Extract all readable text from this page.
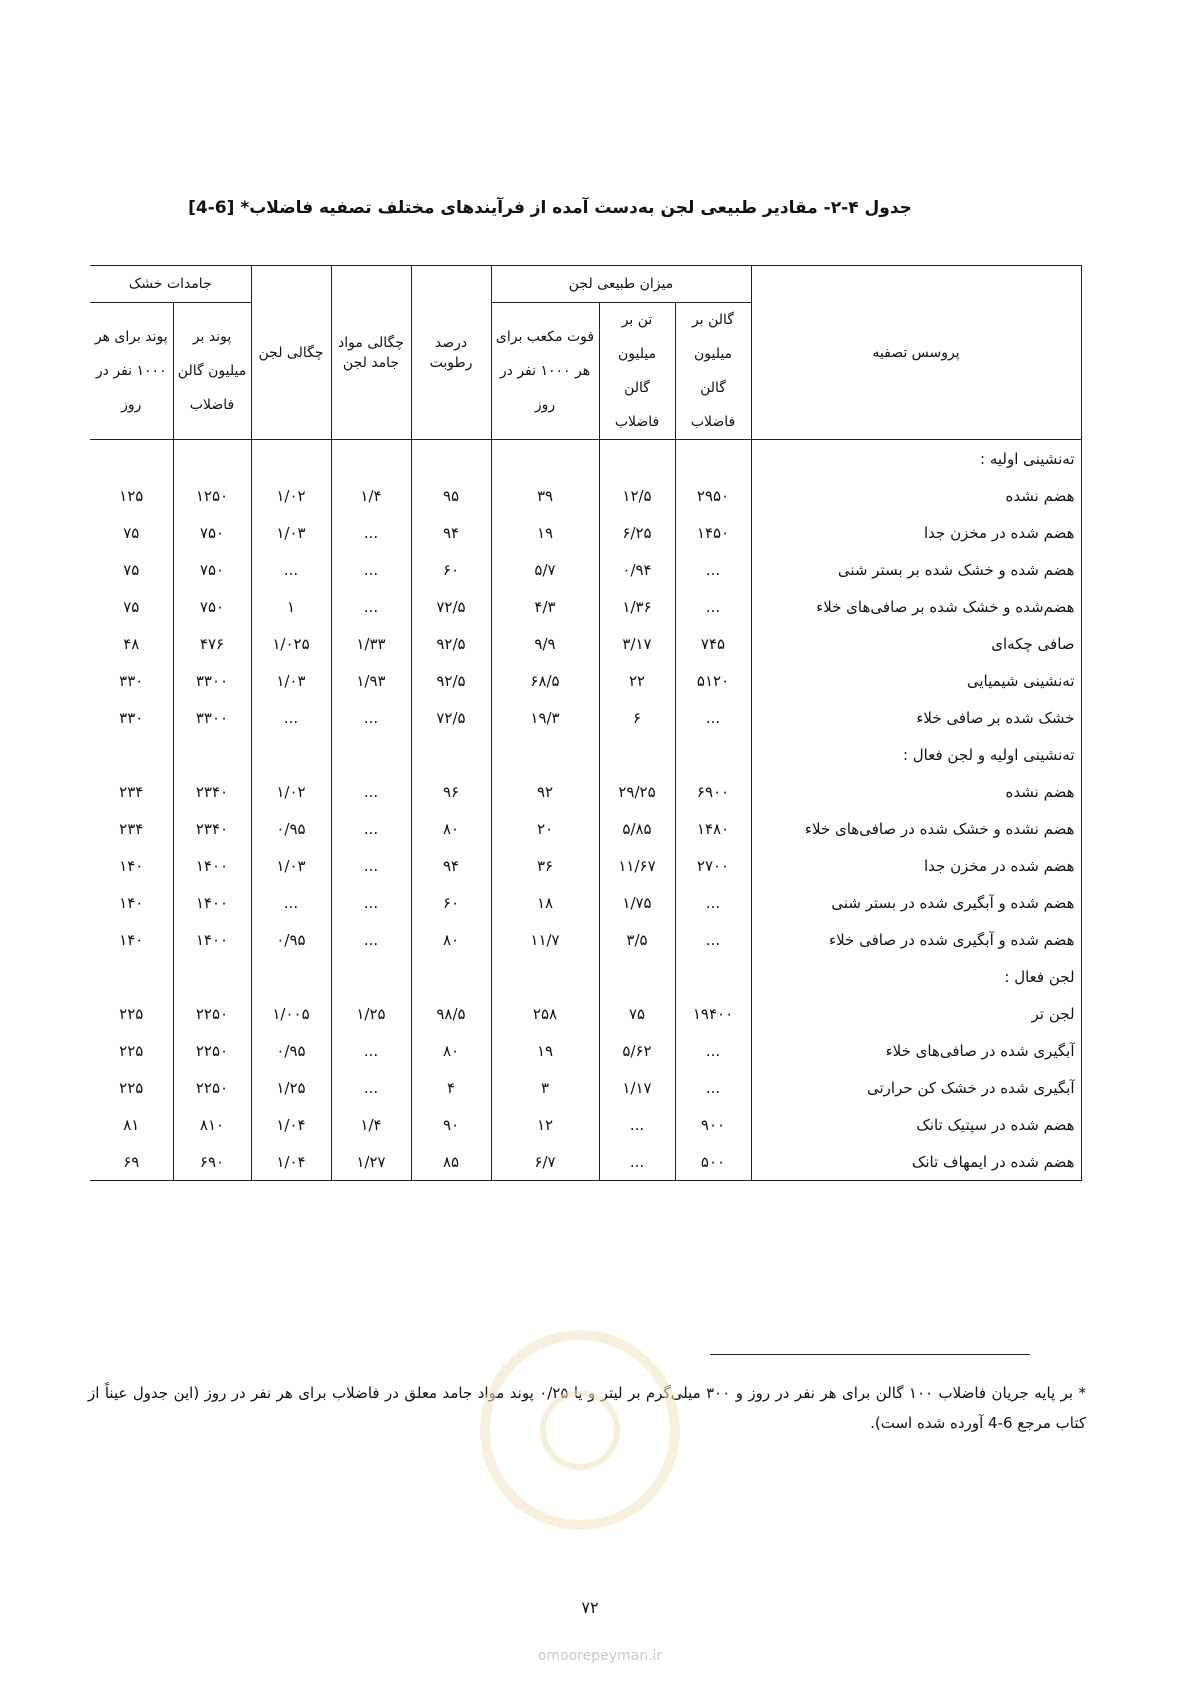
جدول ۴-۲- مقادیر طبیعی لجن به‌دست آمده از فرآیندهای مختلف تصفیه فاضلاب* [6-4]
پروسس تصفیه	میزان طبیعی لجن			درصد رطوبت	چگالی مواد جامد لجن	چگالی لجن	جامدات خشک	

	گالن بر میلیون گالن فاضلاب	تن بر میلیون گالن فاضلاب	فوت مکعب برای هر ۱۰۰۰ نفر در روز				پوند بر میلیون گالن فاضلاب	پوند برای هر ۱۰۰۰ نفر در روز

ته‌نشینی اولیه :								
هضم نشده	۲۹۵۰	۱۲/۵	۳۹	۹۵	۱/۴	۱/۰۲	۱۲۵۰	۱۲۵
هضم شده در مخزن جدا	۱۴۵۰	۶/۲۵	۱۹	۹۴	...	۱/۰۳	۷۵۰	۷۵
هضم شده و خشک شده بر بستر شنی	...	۰/۹۴	۵/۷	۶۰	...	...	۷۵۰	۷۵
هضم‌شده و خشک شده بر صافی‌های خلاء	...	۱/۳۶	۴/۳	۷۲/۵	...	۱	۷۵۰	۷۵
صافی چکه‌ای	۷۴۵	۳/۱۷	۹/۹	۹۲/۵	۱/۳۳	۱/۰۲۵	۴۷۶	۴۸
ته‌نشینی شیمیایی	۵۱۲۰	۲۲	۶۸/۵	۹۲/۵	۱/۹۳	۱/۰۳	۳۳۰۰	۳۳۰
خشک شده بر صافی خلاء	...	۶	۱۹/۳	۷۲/۵	...	...	۳۳۰۰	۳۳۰
ته‌نشینی اولیه و لجن فعال :								
هضم نشده	۶۹۰۰	۲۹/۲۵	۹۲	۹۶	...	۱/۰۲	۲۳۴۰	۲۳۴
هضم نشده و خشک شده در صافی‌های خلاء	۱۴۸۰	۵/۸۵	۲۰	۸۰	...	۰/۹۵	۲۳۴۰	۲۳۴
هضم شده در مخزن جدا	۲۷۰۰	۱۱/۶۷	۳۶	۹۴	...	۱/۰۳	۱۴۰۰	۱۴۰
هضم شده و آبگیری شده در بستر شنی	...	۱/۷۵	۱۸	۶۰	...	...	۱۴۰۰	۱۴۰
هضم شده و آبگیری شده در صافی خلاء	...	۳/۵	۱۱/۷	۸۰	...	۰/۹۵	۱۴۰۰	۱۴۰
لجن فعال :								
لجن تر	۱۹۴۰۰	۷۵	۲۵۸	۹۸/۵	۱/۲۵	۱/۰۰۵	۲۲۵۰	۲۲۵
آبگیری شده در صافی‌های خلاء	...	۵/۶۲	۱۹	۸۰	...	۰/۹۵	۲۲۵۰	۲۲۵
آبگیری شده در خشک کن حرارتی	...	۱/۱۷	۳	۴	...	۱/۲۵	۲۲۵۰	۲۲۵
هضم شده در سپتیک تانک	۹۰۰	...	۱۲	۹۰	۱/۴	۱/۰۴	۸۱۰	۸۱
هضم شده در ایمهاف تانک	۵۰۰	...	۶/۷	۸۵	۱/۲۷	۱/۰۴	۶۹۰	۶۹
* بر پایه جریان فاضلاب ۱۰۰ گالن برای هر نفر در روز و ۳۰۰ میلی‌گرم بر لیتر و یا ۰/۲۵ پوند مواد جامد معلق در فاضلاب برای هر نفر در روز (این جدول عیناً از کتاب مرجع 6-4 آورده شده است).
۷۲
omoorepeyman.ir
